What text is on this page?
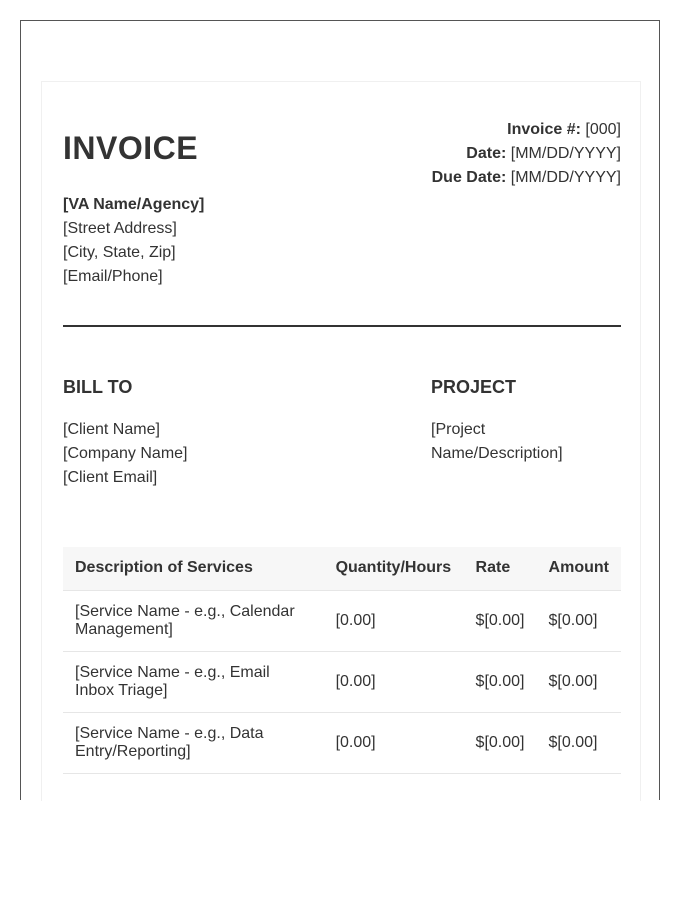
INVOICE
Invoice #: [000]
Date: [MM/DD/YYYY]
Due Date: [MM/DD/YYYY]
[VA Name/Agency]
[Street Address]
[City, State, Zip]
[Email/Phone]
BILL TO
[Client Name]
[Company Name]
[Client Email]
PROJECT
[Project Name/Description]
Description of Services	Quantity/Hours	Rate	Amount
[Service Name - e.g., Calendar Management]	[0.00]	$[0.00]	$[0.00]
[Service Name - e.g., Email Inbox Triage]	[0.00]	$[0.00]	$[0.00]
[Service Name - e.g., Data Entry/Reporting]	[0.00]	$[0.00]	$[0.00]
